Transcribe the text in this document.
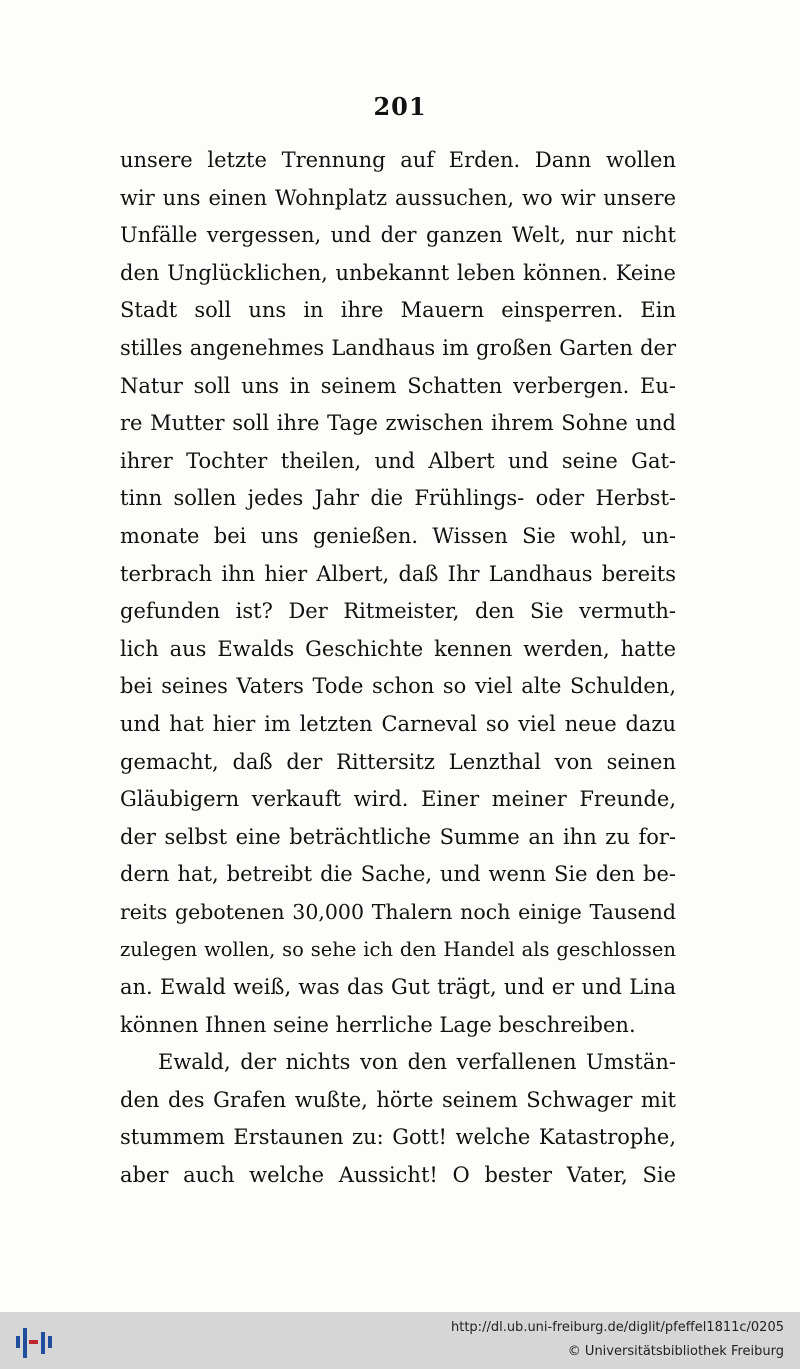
201
unsere letzte Trennung auf Erden. Dann wollen
wir uns einen Wohnplatz aussuchen, wo wir unsere
Unfälle vergessen, und der ganzen Welt, nur nicht
den Unglücklichen, unbekannt leben können. Keine
Stadt soll uns in ihre Mauern einsperren. Ein
stilles angenehmes Landhaus im großen Garten der
Natur soll uns in seinem Schatten verbergen. Eu-
re Mutter soll ihre Tage zwischen ihrem Sohne und
ihrer Tochter theilen, und Albert und seine Gat-
tinn sollen jedes Jahr die Frühlings- oder Herbst-
monate bei uns genießen. Wissen Sie wohl, un-
terbrach ihn hier Albert, daß Ihr Landhaus bereits
gefunden ist? Der Ritmeister, den Sie vermuth-
lich aus Ewalds Geschichte kennen werden, hatte
bei seines Vaters Tode schon so viel alte Schulden,
und hat hier im letzten Carneval so viel neue dazu
gemacht, daß der Rittersitz Lenzthal von seinen
Gläubigern verkauft wird. Einer meiner Freunde,
der selbst eine beträchtliche Summe an ihn zu for-
dern hat, betreibt die Sache, und wenn Sie den be-
reits gebotenen 30,000 Thalern noch einige Tausend
zulegen wollen, so sehe ich den Handel als geschlossen
an. Ewald weiß, was das Gut trägt, und er und Lina
können Ihnen seine herrliche Lage beschreiben.
Ewald, der nichts von den verfallenen Umstän-
den des Grafen wußte, hörte seinem Schwager mit
stummem Erstaunen zu: Gott! welche Katastrophe,
aber auch welche Aussicht! O bester Vater, Sie
http://dl.ub.uni-freiburg.de/diglit/pfeffel1811c/0205
© Universitätsbibliothek Freiburg
